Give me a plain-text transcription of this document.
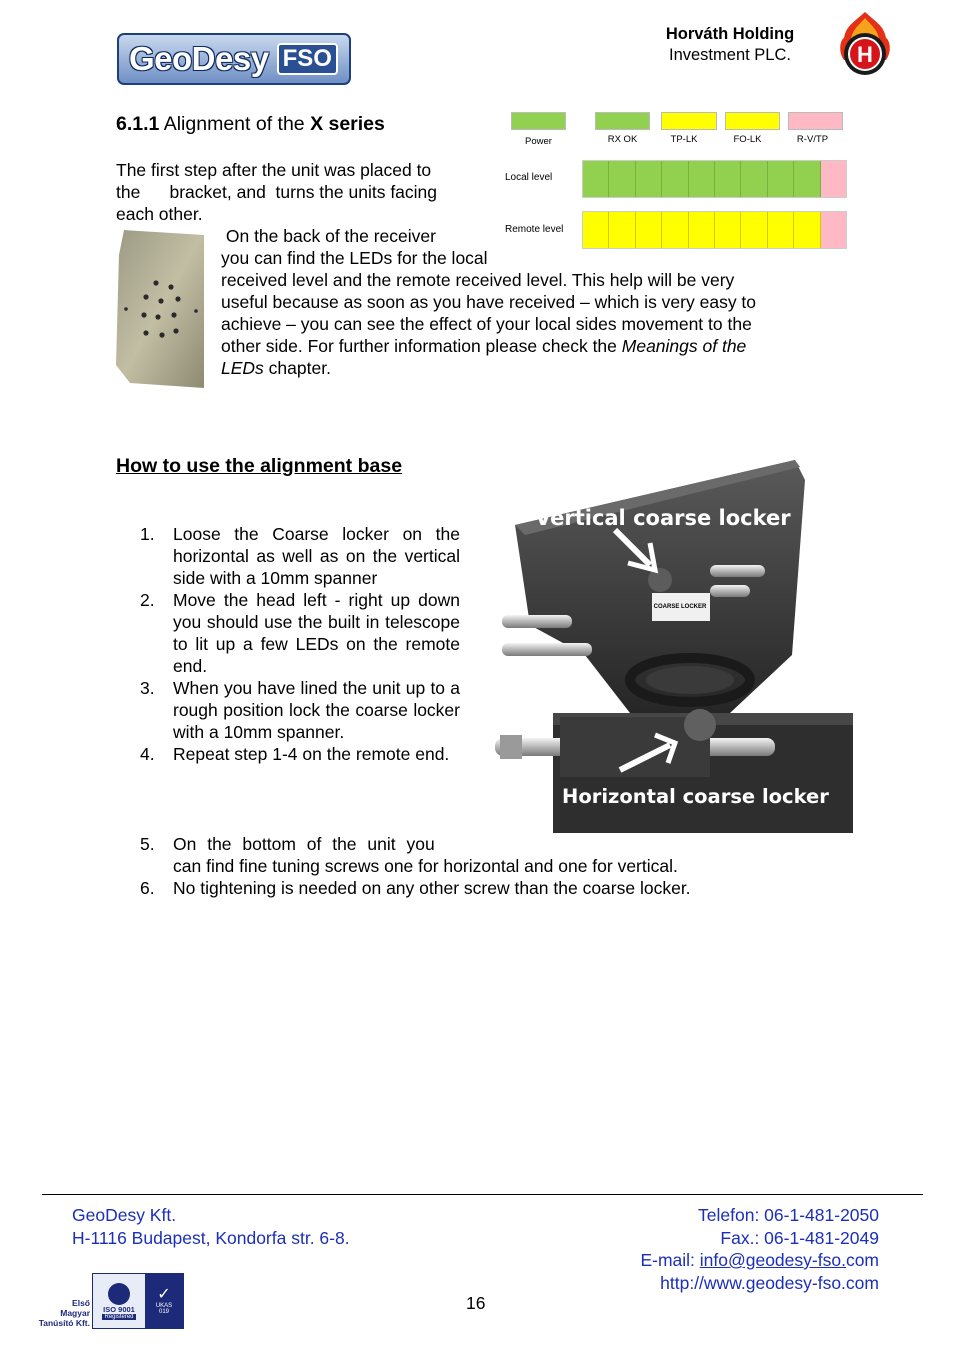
GeoDesy FSO
Horváth Holding
Investment PLC.	H
6.1.1 Alignment of the X series
The first step after the unit was placed to
the      bracket, and  turns the units facing
each other.
Power	RX OK	TP-LK	FO-LK	R-V/TP
Local level
Remote level
On the back of the receiver
you can find the LEDs for the local
received level and the remote received level. This help will be very
useful because as soon as you have received – which is very easy to
achieve – you can see the effect of your local sides movement to the
other side. For further information please check the Meanings of the
LEDs chapter.
How to use the alignment base
1.	Loose the Coarse locker on the horizontal as well as on the vertical side with a 10mm spanner
2.	Move the head left - right up down you should use the built in telescope to lit up a few LEDs on the remote end.
3.	When you have lined the unit up to a rough position lock the coarse locker with a 10mm spanner.
4.	Repeat step 1-4 on the remote end.
5.	On the bottom of the unit you
can find fine tuning screws one for horizontal and one for vertical.
6.	No tightening is needed on any other screw than the coarse locker.
COARSE LOCKER
Vertical coarse locker
Horizontal coarse locker
GeoDesy Kft.
H-1116 Budapest, Kondorfa str. 6-8.
Telefon: 06-1-481-2050
Fax.: 06-1-481-2049
E-mail: info@geodesy-fso.com
http://www.geodesy-fso.com
16
Első
Magyar
Tanúsító Kft.
ISO 9001
Registered
✓
UKAS
019
